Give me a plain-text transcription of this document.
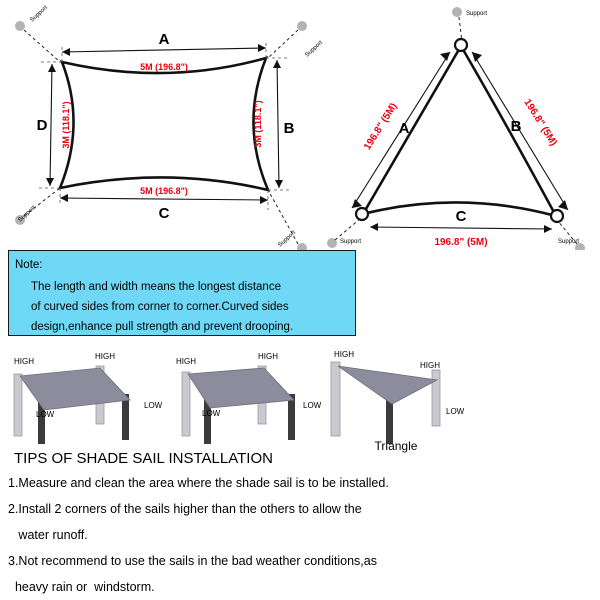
Support
Support
Support
Support
A
5M (196.8")
5M (196.8")
C
3M (118.1")
D	3M (118.1") B
Support
Support	Support
196.8" (5M)
A	196.8" (5M)
B
C
196.8" (5M)

Note:

The length and width means the longest distance

of curved sides from corner to corner.Curved sides

design,enhance pull strength and prevent drooping.

HIGH
HIGH
LOW
LOW
HIGH
HIGH
LOW
LOW
HIGH
HIGH
LOW
Triangle
TIPS OF SHADE SAIL INSTALLATION
1.Measure and clean the area where the shade sail is to be installed.
2.Install 2 corners of the sails higher than the others to allow the
water runoff.
3.Not recommend to use the sails in the bad weather conditions,as
heavy rain or  windstorm.
